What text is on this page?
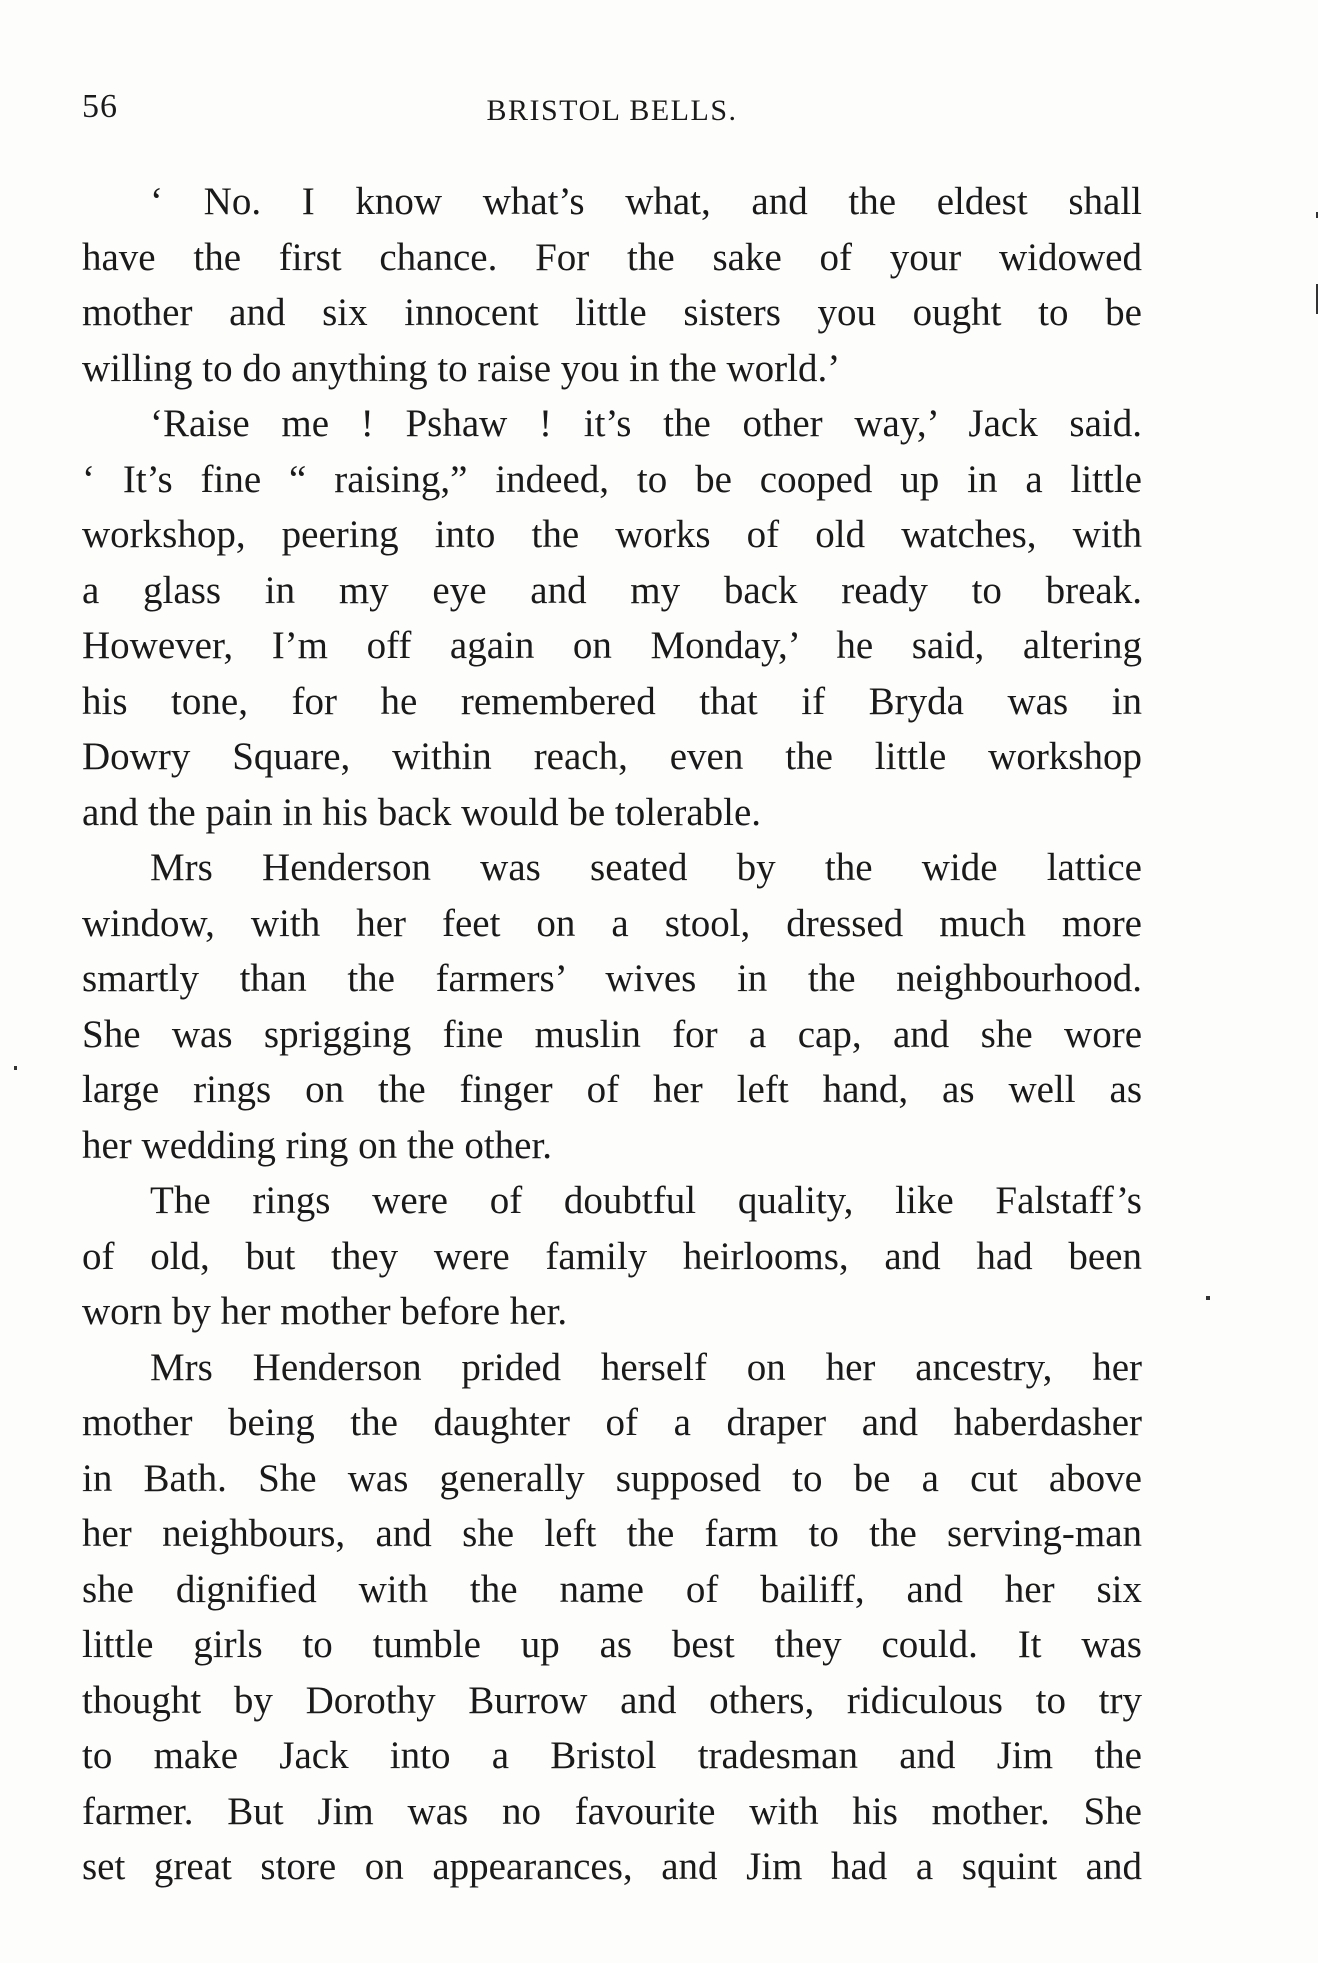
56	BRISTOL BELLS.
‘ No. I know what’s what, and the eldest shall
have the first chance. For the sake of your widowed
mother and six innocent little sisters you ought to be
willing to do anything to raise you in the world.’
‘Raise me ! Pshaw ! it’s the other way,’ Jack said.
‘ It’s fine “ raising,” indeed, to be cooped up in a little
workshop, peering into the works of old watches, with
a glass in my eye and my back ready to break.
However, I’m off again on Monday,’ he said, altering
his tone, for he remembered that if Bryda was in
Dowry Square, within reach, even the little workshop
and the pain in his back would be tolerable.
Mrs Henderson was seated by the wide lattice
window, with her feet on a stool, dressed much more
smartly than the farmers’ wives in the neighbourhood.
She was sprigging fine muslin for a cap, and she wore
large rings on the finger of her left hand, as well as
her wedding ring on the other.
The rings were of doubtful quality, like Falstaff’s
of old, but they were family heirlooms, and had been
worn by her mother before her.
Mrs Henderson prided herself on her ancestry, her
mother being the daughter of a draper and haberdasher
in Bath. She was generally supposed to be a cut above
her neighbours, and she left the farm to the serving-man
she dignified with the name of bailiff, and her six
little girls to tumble up as best they could. It was
thought by Dorothy Burrow and others, ridiculous to try
to make Jack into a Bristol tradesman and Jim the
farmer. But Jim was no favourite with his mother. She
set great store on appearances, and Jim had a squint and
